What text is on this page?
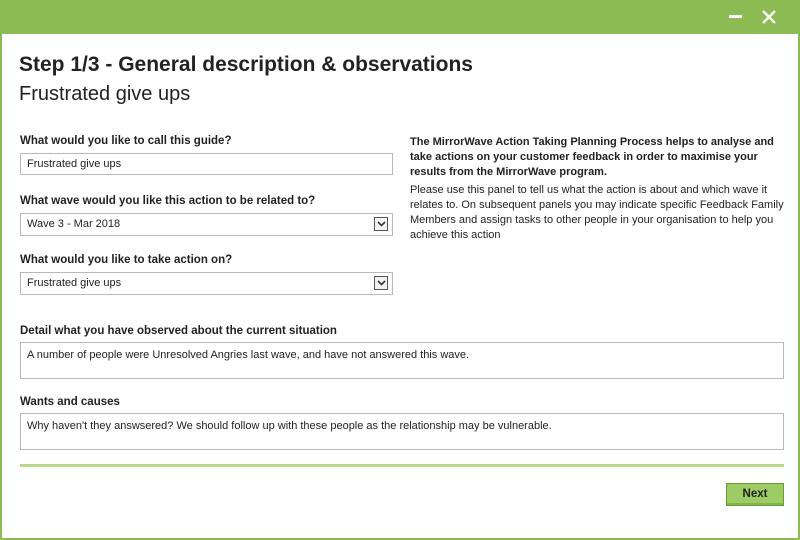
Step 1/3 - General description & observations
Frustrated give ups
What would you like to call this guide?
Frustrated give ups
What wave would you like this action to be related to?
Wave 3 - Mar 2018
What would you like to take action on?
Frustrated give ups

The MirrorWave Action Taking Planning Process helps to analyse and take actions on your customer feedback in order to maximise your results from the MirrorWave program.

Please use this panel to tell us what the action is about and which wave it relates to. On subsequent panels you may indicate specific Feedback Family Members and assign tasks to other people in your organisation to help you achieve this action

Detail what you have observed about the current situation
A number of people were Unresolved Angries last wave, and have not answered this wave.
Wants and causes
Why haven't they answsered? We should follow up with these people as the relationship may be vulnerable.
Next
